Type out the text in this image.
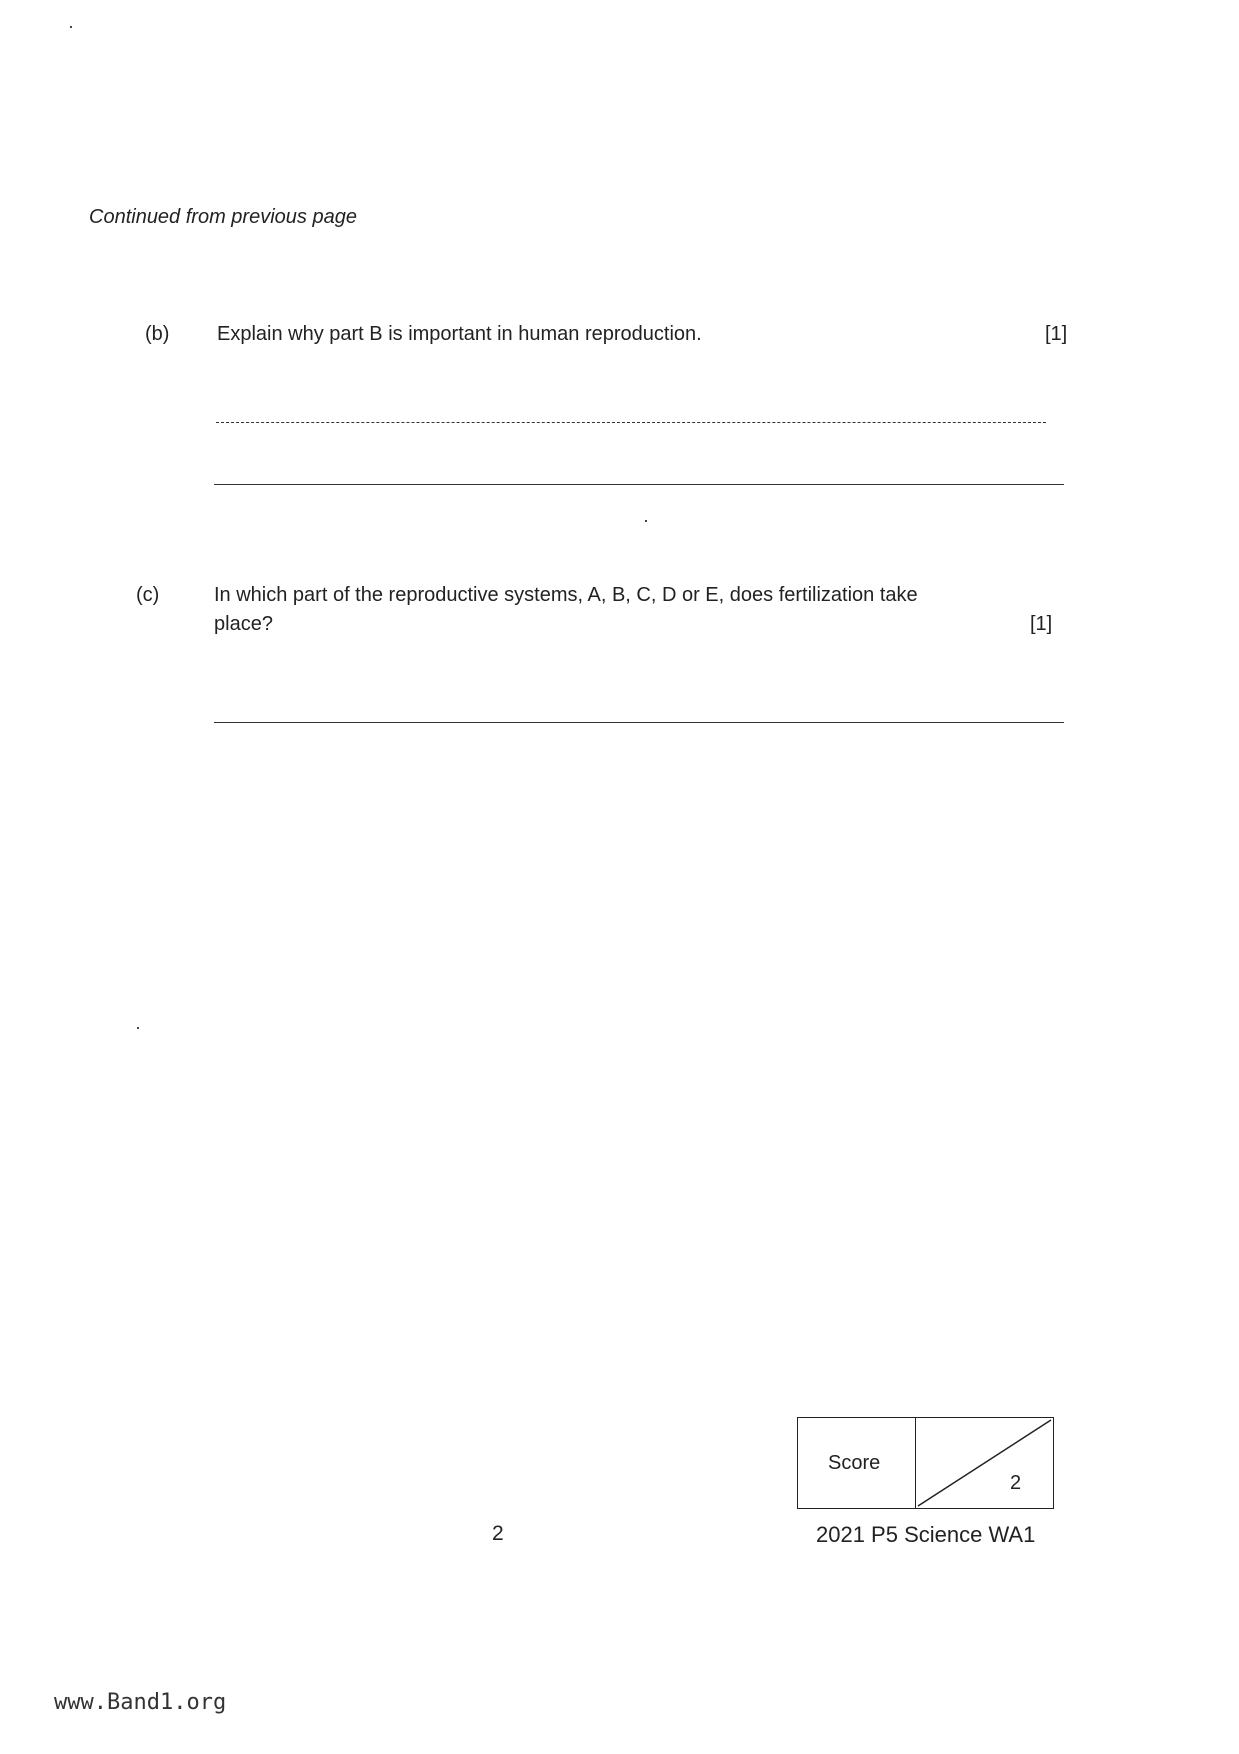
Continued from previous page
(b) Explain why part B is important in human reproduction.	[1]
(c)	In which part of the reproductive systems, A, B, C, D or E, does fertilization take
place?	[1]
Score
2
2	2021 P5 Science WA1
www.Band1.org
